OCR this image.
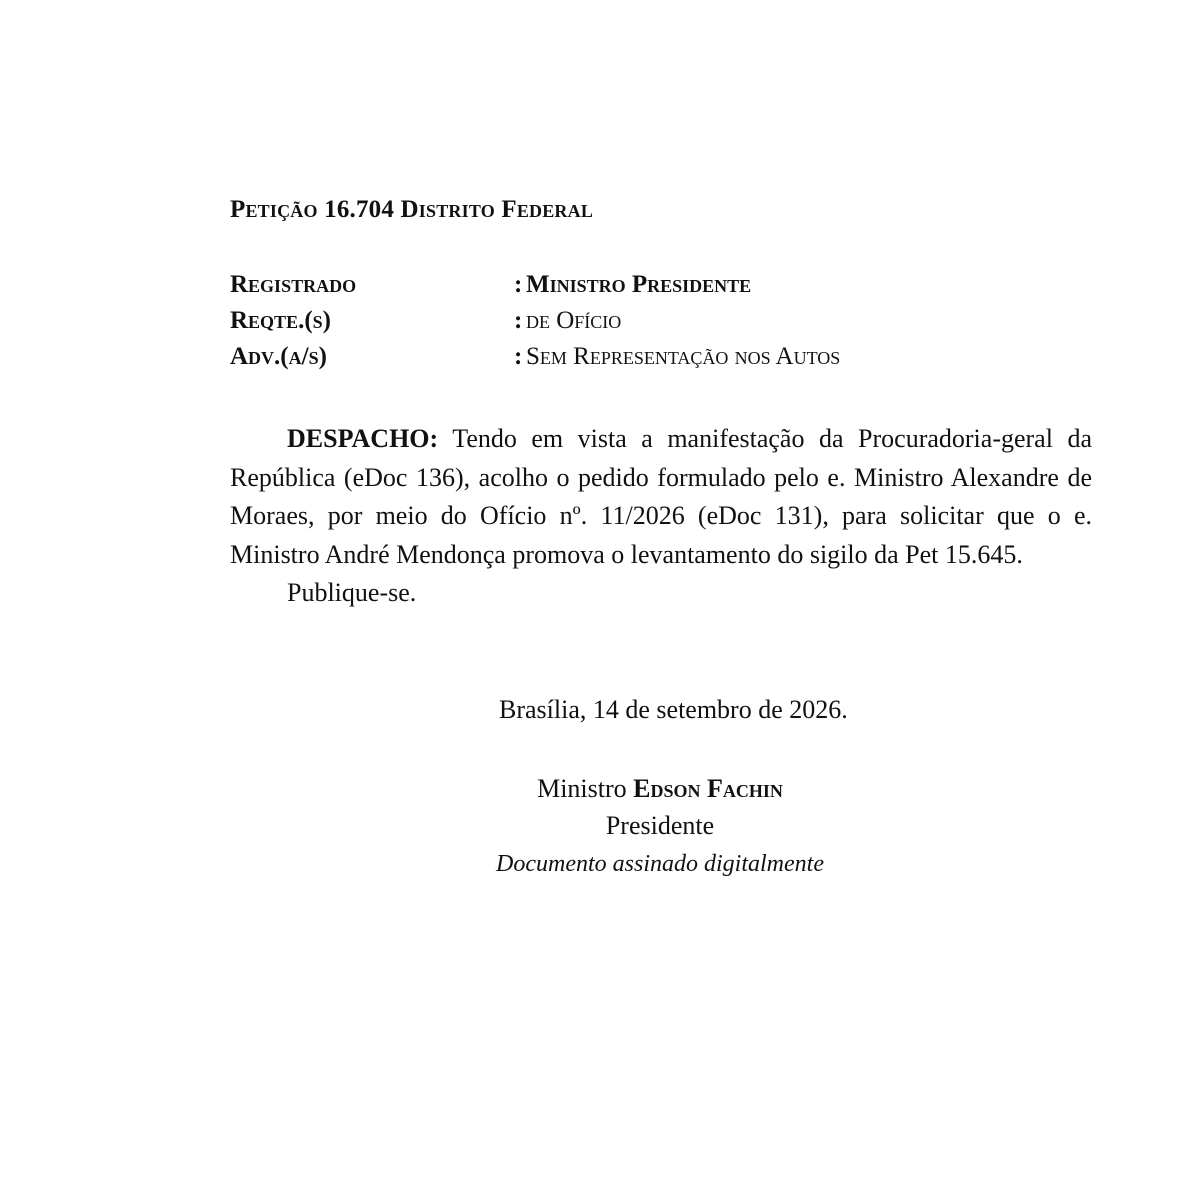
Petição 16.704 Distrito Federal
Registrado	: Ministro Presidente
Reqte.(s)	: de Ofício
Adv.(a/s)	: Sem Representação nos Autos

DESPACHO: Tendo em vista a manifestação da Procuradoria-geral da República (eDoc 136), acolho o pedido formulado pelo e. Ministro Alexandre de Moraes, por meio do Ofício nº. 11/2026 (eDoc 131), para solicitar que o e. Ministro André Mendonça promova o levantamento do sigilo da Pet 15.645.

Publique-se.

Brasília, 14 de setembro de 2026.
Ministro Edson Fachin
Presidente
Documento assinado digitalmente
